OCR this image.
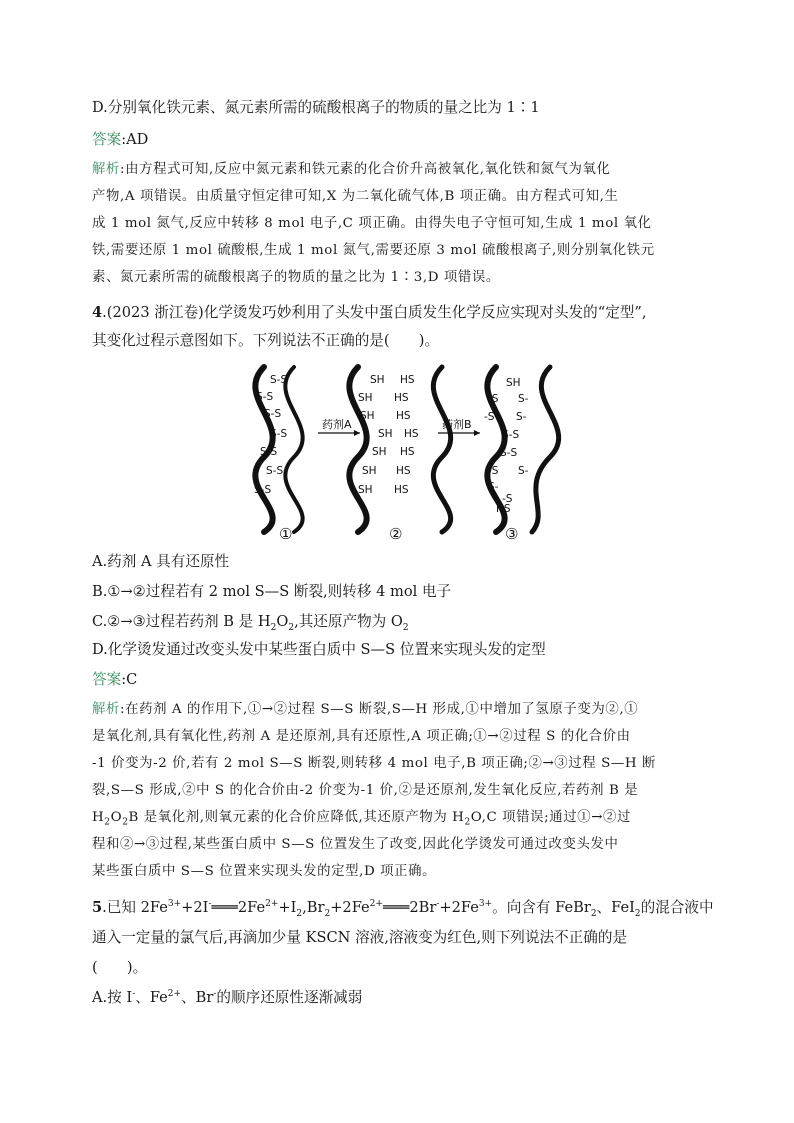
D.分别氧化铁元素、氮元素所需的硫酸根离子的物质的量之比为 1∶1
答案:AD
解析:由方程式可知,反应中氮元素和铁元素的化合价升高被氧化,氧化铁和氮气为氧化
产物,A 项错误。由质量守恒定律可知,X 为二氧化硫气体,B 项正确。由方程式可知,生
成 1 mol 氮气,反应中转移 8 mol 电子,C 项正确。由得失电子守恒可知,生成 1 mol 氧化
铁,需要还原 1 mol 硫酸根,生成 1 mol 氮气,需要还原 3 mol 硫酸根离子,则分别氧化铁元
素、氮元素所需的硫酸根离子的物质的量之比为 1∶3,D 项错误。
4.(2023 浙江卷)化学烫发巧妙利用了头发中蛋白质发生化学反应实现对头发的“定型”,
其变化过程示意图如下。下列说法不正确的是(　　)。
S-S
S-S
S-S
S-S
S-S
S-S
S-S
药剂A
SH HS
SH HS
SH HS
SH HS
SH HS
SH HS
SH HS
药剂B
SH
-S S-
-S S-
S-S
S-S
-S S-
S-
-S
HS
①	②	③
A.药剂 A 具有还原性
B.①→②过程若有 2 mol S—S 断裂,则转移 4 mol 电子
C.②→③过程若药剂 B 是 $H_2O_2$,其还原产物为 $O_2$
D.化学烫发通过改变头发中某些蛋白质中 S—S 位置来实现头发的定型
答案:C
解析:在药剂 A 的作用下,①→②过程 S—S 断裂,S—H 形成,①中增加了氢原子变为②,①
是氧化剂,具有氧化性,药剂 A 是还原剂,具有还原性,A 项正确;①→②过程 S 的化合价由
-1 价变为-2 价,若有 2 mol S—S 断裂,则转移 4 mol 电子,B 项正确;②→③过程 S—H 断
裂,S—S 形成,②中 S 的化合价由-2 价变为-1 价,②是还原剂,发生氧化反应,若药剂 B 是
$H_2O_2B$ 是氧化剂,则氧元素的化合价应降低,其还原产物为 $H_2O,C$ 项错误;通过①→②过
程和②→③过程,某些蛋白质中 S—S 位置发生了改变,因此化学烫发可通过改变头发中
某些蛋白质中 S—S 位置来实现头发的定型,D 项正确。
5.已知 $2Fe^{3+}+2I^-═══2Fe^{2+}+I_2,Br_2+2Fe^{2+}═══2Br^-+2Fe^{3+}$。向含有 FeBr$_2$、FeI$_2$的混合液中
通入一定量的氯气后,再滴加少量 KSCN 溶液,溶液变为红色,则下列说法不正确的是
(　　)。
A.按 I-、$Fe^{2+}$、Br-的顺序还原性逐渐减弱
